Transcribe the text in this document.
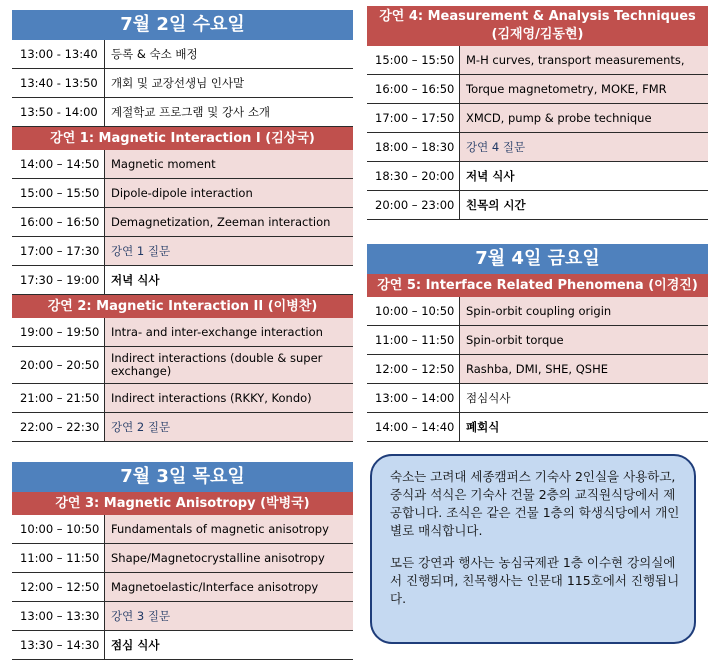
7월 2일 수요일
13:00 - 13:40	등록 & 숙소 배정
13:40 - 13:50	개회 및 교장선생님 인사말
13:50 - 14:00	계절학교 프로그램 및 강사 소개
강연 1: Magnetic Interaction I (김상국)
14:00 – 14:50	Magnetic moment
15:00 – 15:50	Dipole-dipole interaction
16:00 – 16:50	Demagnetization, Zeeman interaction
17:00 – 17:30	강연 1 질문
17:30 – 19:00	저녁 식사
강연 2: Magnetic Interaction II (이병찬)
19:00 – 19:50	Intra- and inter-exchange interaction
20:00 – 20:50	Indirect interactions (double & super exchange)
21:00 – 21:50	Indirect interactions (RKKY, Kondo)
22:00 – 22:30	강연 2 질문
7월 3일 목요일
강연 3: Magnetic Anisotropy (박병국)
10:00 – 10:50	Fundamentals of magnetic anisotropy
11:00 – 11:50	Shape/Magnetocrystalline anisotropy
12:00 – 12:50	Magnetoelastic/Interface anisotropy
13:00 – 13:30	강연 3 질문
13:30 – 14:30	점심 식사
강연 4: Measurement & Analysis Techniques
(김재영/김동현)
15:00 – 15:50	M-H curves, transport measurements,
16:00 – 16:50	Torque magnetometry, MOKE, FMR
17:00 – 17:50	XMCD, pump & probe technique
18:00 – 18:30	강연 4 질문
18:30 – 20:00	저녁 식사
20:00 – 23:00	친목의 시간
7월 4일 금요일
강연 5: Interface Related Phenomena (이경진)
10:00 – 10:50	Spin-orbit coupling origin
11:00 – 11:50	Spin-orbit torque
12:00 – 12:50	Rashba, DMI, SHE, QSHE
13:00 – 14:00	점심식사
14:00 – 14:40	폐회식

숙소는 고려대 세종캠퍼스 기숙사 2인실을 사용하고, 중식과 석식은 기숙사 건물 2층의 교직원식당에서 제공합니다. 조식은 같은 건물 1층의 학생식당에서 개인별로 매식합니다.

모든 강연과 행사는 농심국제관 1층 이수현 강의실에서 진행되며, 친목행사는 인문대 115호에서 진행됩니다.
